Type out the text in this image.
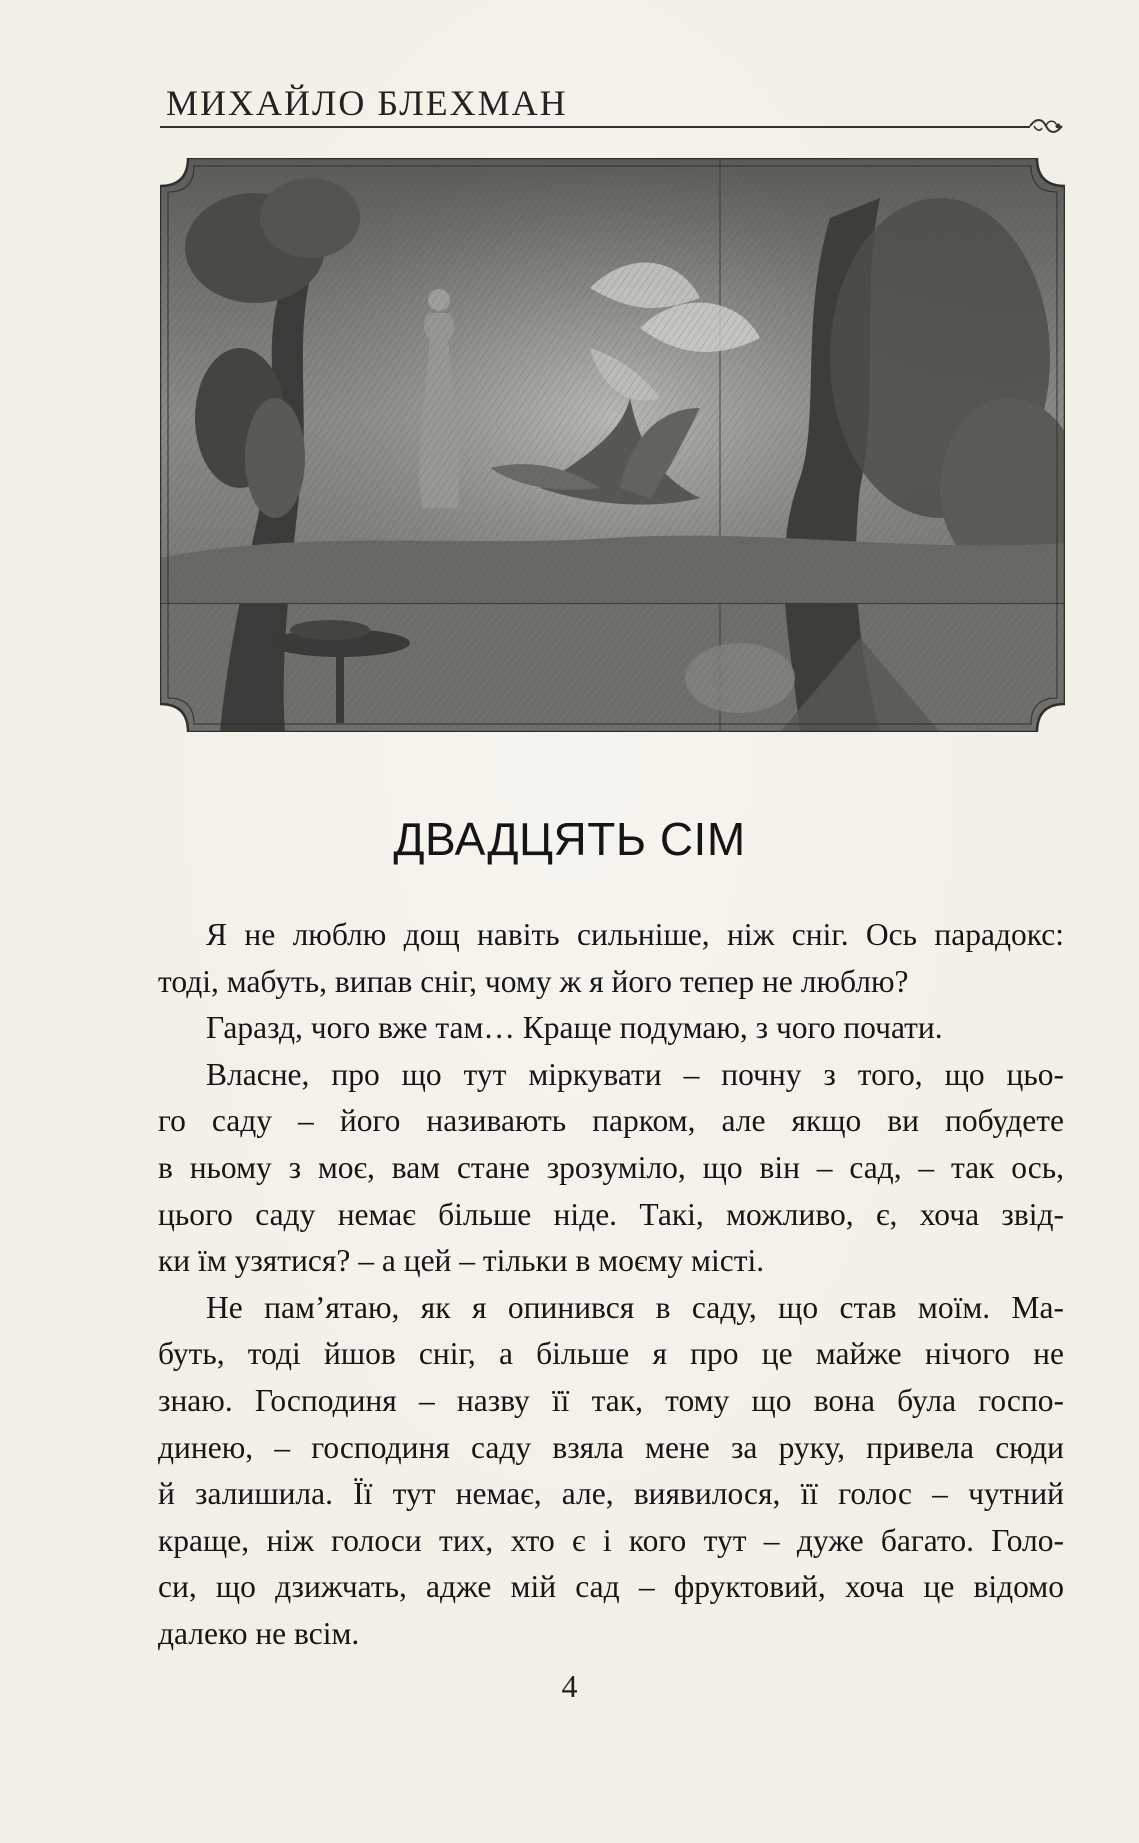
МИХАЙЛО БЛЕХМАН
ДВАДЦЯТЬ СІМ
Я не люблю дощ навіть сильніше, ніж сніг. Ось парадокс:
тоді, мабуть, випав сніг, чому ж я його тепер не люблю?
Гаразд, чого вже там… Краще подумаю, з чого почати.
Власне, про що тут міркувати – почну з того, що цьо-
го саду – його називають парком, але якщо ви побудете
в ньому з моє, вам стане зрозуміло, що він – сад, – так ось,
цього саду немає більше ніде. Такі, можливо, є, хоча звід-
ки їм узятися? – а цей – тільки в моєму місті.
Не пам’ятаю, як я опинився в саду, що став моїм. Ма-
буть, тоді йшов сніг, а більше я про це майже нічого не
знаю. Господиня – назву її так, тому що вона була госпо-
динею, – господиня саду взяла мене за руку, привела сюди
й залишила. Її тут немає, але, виявилося, її голос – чутний
краще, ніж голоси тих, хто є і кого тут – дуже багато. Голо-
си, що дзижчать, адже мій сад – фруктовий, хоча це відомо
далеко не всім.
4
